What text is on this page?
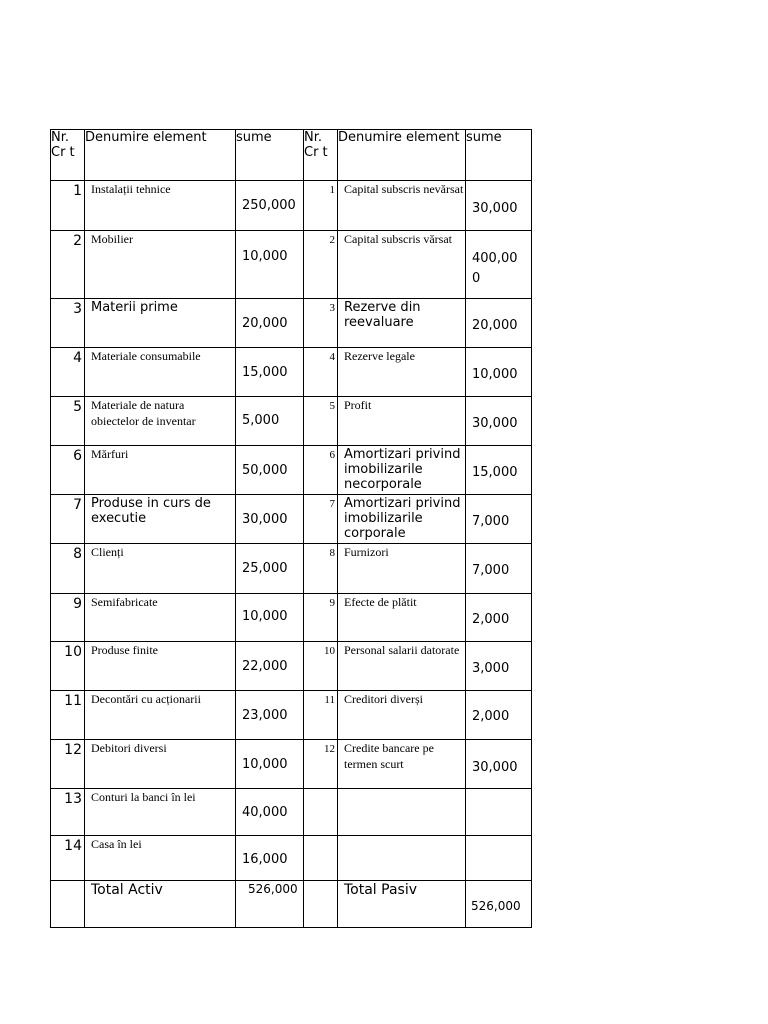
Nr. Cr t	Denumire element	sume	Nr. Cr t	Denumire element	sume
1	Instalații tehnice	250,000	1	Capital subscris nevărsat	30,000

2	Mobilier	10,000	2	Capital subscris vărsat	400,000

3	Materii prime	20,000	3	Rezerve din reevaluare	20,000

4	Materiale consumabile	15,000	4	Rezerve legale	10,000

5	Materiale de natura obiectelor de inventar	5,000	5	Profit	30,000

6	Mărfuri	50,000	6	Amortizari privind imobilizarile necorporale	15,000

7	Produse in curs de executie	30,000	7	Amortizari privind imobilizarile corporale	7,000

8	Clienți	25,000	8	Furnizori	7,000

9	Semifabricate	10,000	9	Efecte de plătit	2,000

10	Produse finite	22,000	10	Personal salarii datorate	3,000

11	Decontări cu acționarii	23,000	11	Creditori diverși	2,000

12	Debitori diversi	10,000	12	Credite bancare pe termen scurt	30,000

13	Conturi la banci în lei	40,000			

14	Casa în lei	16,000			

	Total Activ	526,000		Total Pasiv	526,000
